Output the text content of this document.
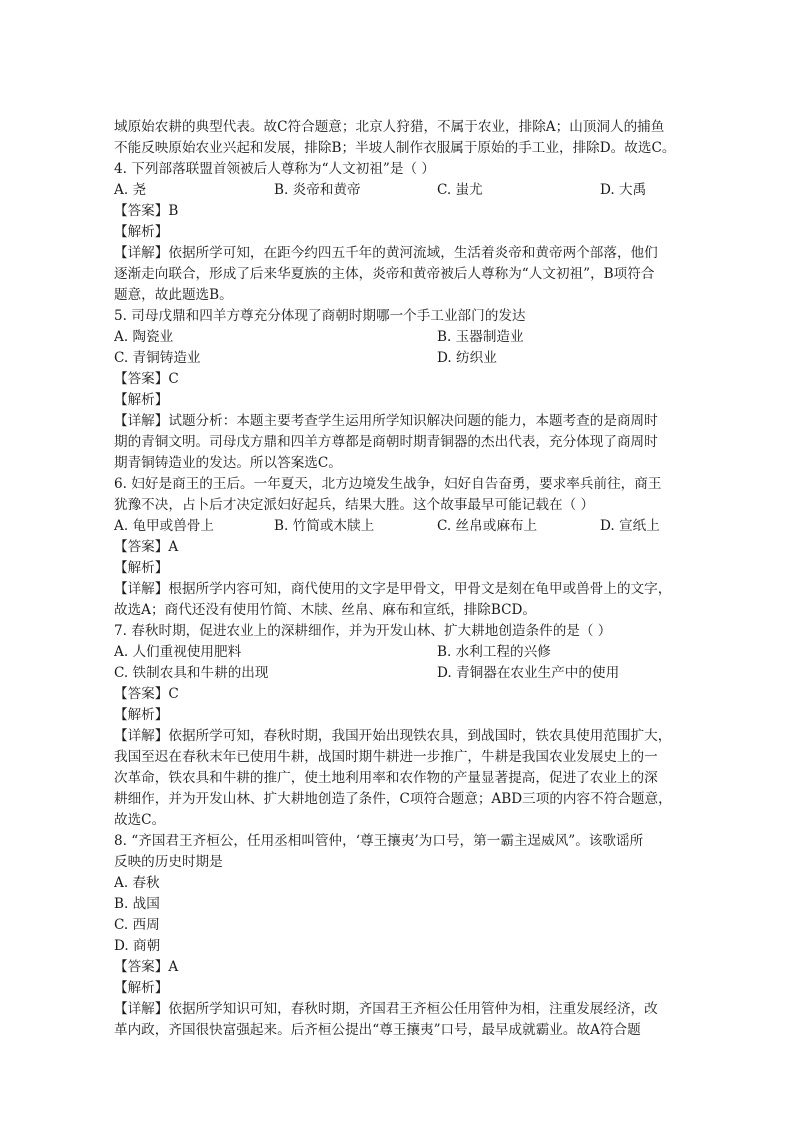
域原始农耕的典型代表。故C符合题意；北京人狩猎，不属于农业，排除A；山顶洞人的捕鱼
不能反映原始农业兴起和发展，排除B；半坡人制作衣服属于原始的手工业，排除D。故选C。
4. 下列部落联盟首领被后人尊称为“人文初祖”是（ ）
A. 尧	B. 炎帝和黄帝	C. 蚩尤	D. 大禹
【答案】B
【解析】
【详解】依据所学可知，在距今约四五千年的黄河流域，生活着炎帝和黄帝两个部落，他们
逐渐走向联合，形成了后来华夏族的主体，炎帝和黄帝被后人尊称为“人文初祖”，B项符合
题意，故此题选B。
5. 司母戊鼎和四羊方尊充分体现了商朝时期哪一个手工业部门的发达
A. 陶瓷业	B. 玉器制造业
C. 青铜铸造业	D. 纺织业
【答案】C
【解析】
【详解】试题分析：本题主要考查学生运用所学知识解决问题的能力，本题考查的是商周时
期的青铜文明。司母戊方鼎和四羊方尊都是商朝时期青铜器的杰出代表，充分体现了商周时
期青铜铸造业的发达。所以答案选C。
6. 妇好是商王的王后。一年夏天，北方边境发生战争，妇好自告奋勇，要求率兵前往，商王
犹豫不决，占卜后才决定派妇好起兵，结果大胜。这个故事最早可能记载在（ ）
A. 龟甲或兽骨上	B. 竹简或木牍上	C. 丝帛或麻布上	D. 宣纸上
【答案】A
【解析】
【详解】根据所学内容可知，商代使用的文字是甲骨文，甲骨文是刻在龟甲或兽骨上的文字，
故选A；商代还没有使用竹简、木牍、丝帛、麻布和宣纸，排除BCD。
7. 春秋时期，促进农业上的深耕细作，并为开发山林、扩大耕地创造条件的是（ ）
A. 人们重视使用肥料	B. 水利工程的兴修
C. 铁制农具和牛耕的出现	D. 青铜器在农业生产中的使用
【答案】C
【解析】
【详解】依据所学可知，春秋时期，我国开始出现铁农具，到战国时，铁农具使用范围扩大，
我国至迟在春秋末年已使用牛耕，战国时期牛耕进一步推广，牛耕是我国农业发展史上的一
次革命，铁农具和牛耕的推广，使土地利用率和农作物的产量显著提高，促进了农业上的深
耕细作，并为开发山林、扩大耕地创造了条件，C项符合题意；ABD三项的内容不符合题意，
故选C。
8. “齐国君王齐桓公，任用丞相叫管仲，‘尊王攘夷’为口号，第一霸主逞威风”。该歌谣所
反映的历史时期是
A. 春秋
B. 战国
C. 西周
D. 商朝
【答案】A
【解析】
【详解】依据所学知识可知，春秋时期，齐国君王齐桓公任用管仲为相，注重发展经济，改
革内政，齐国很快富强起来。后齐桓公提出“尊王攘夷”口号，最早成就霸业。故A符合题
